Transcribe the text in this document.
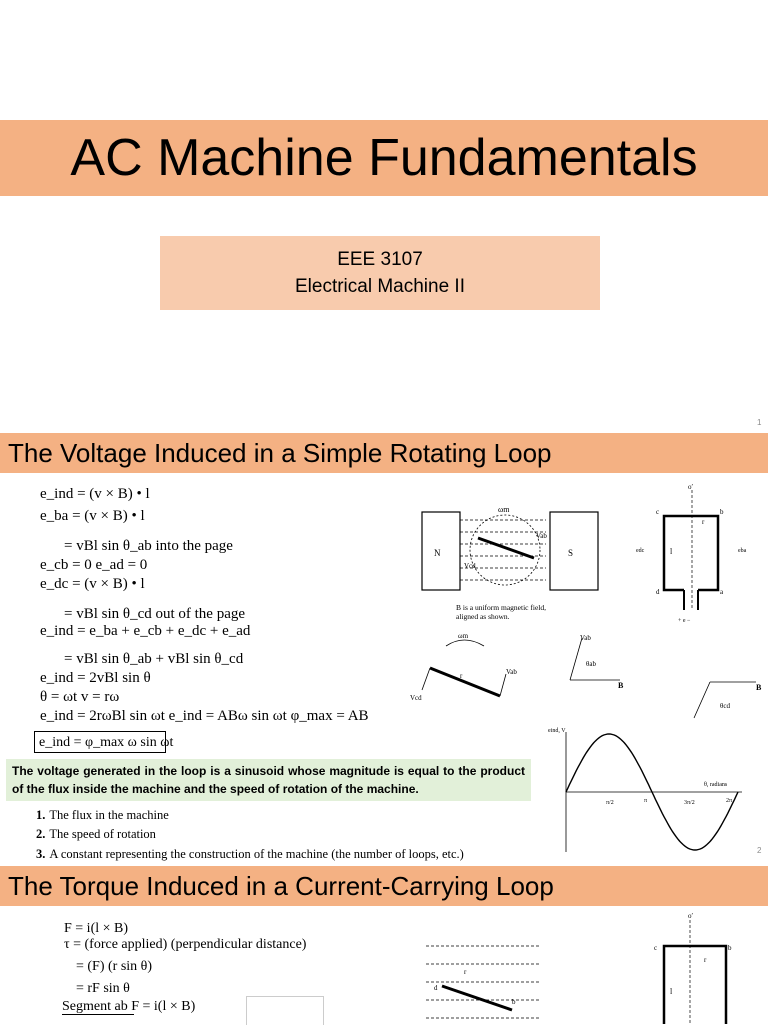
AC Machine Fundamentals
EEE 3107
Electrical Machine II
1
The Voltage Induced in a Simple Rotating Loop
e_ind = (v × B) • l
e_ba = (v × B) • l
= vBl sin θ_ab into the page
e_cb = 0 e_ad = 0
e_dc = (v × B) • l
= vBl sin θ_cd out of the page
e_ind = e_ba + e_cb + e_dc + e_ad
= vBl sin θ_ab + vBl sin θ_cd
e_ind = 2vBl sin θ
θ = ωt v = rω
e_ind = 2rωBl sin ωt e_ind = ABω sin ωt φ_max = AB
e_ind = φ_max ω sin ωt
The voltage generated in the loop is a sinusoid whose magnitude is equal to the product of the flux inside the machine and the speed of rotation of the machine.
1. The flux in the machine
2. The speed of rotation
3. A constant representing the construction of the machine (the number of loops, etc.)
N	S
ωm
Vab
Vcd
B is a uniform magnetic field, aligned as shown.
o′
c	b
d	a
l
r
edc	eba
+ e −
ωm
Vab
Vcd
r
Vab
θab
B	B
θcd
eind, V
θ, radians
π/2	π	3π/2	2π
2
The Torque Induced in a Current-Carrying Loop
F = i(l × B)
τ = (force applied) (perpendicular distance)
= (F) (r sin θ)
= rF sin θ
Segment ab F = i(l × B)
r
d
b
o′
c	b
r
l
